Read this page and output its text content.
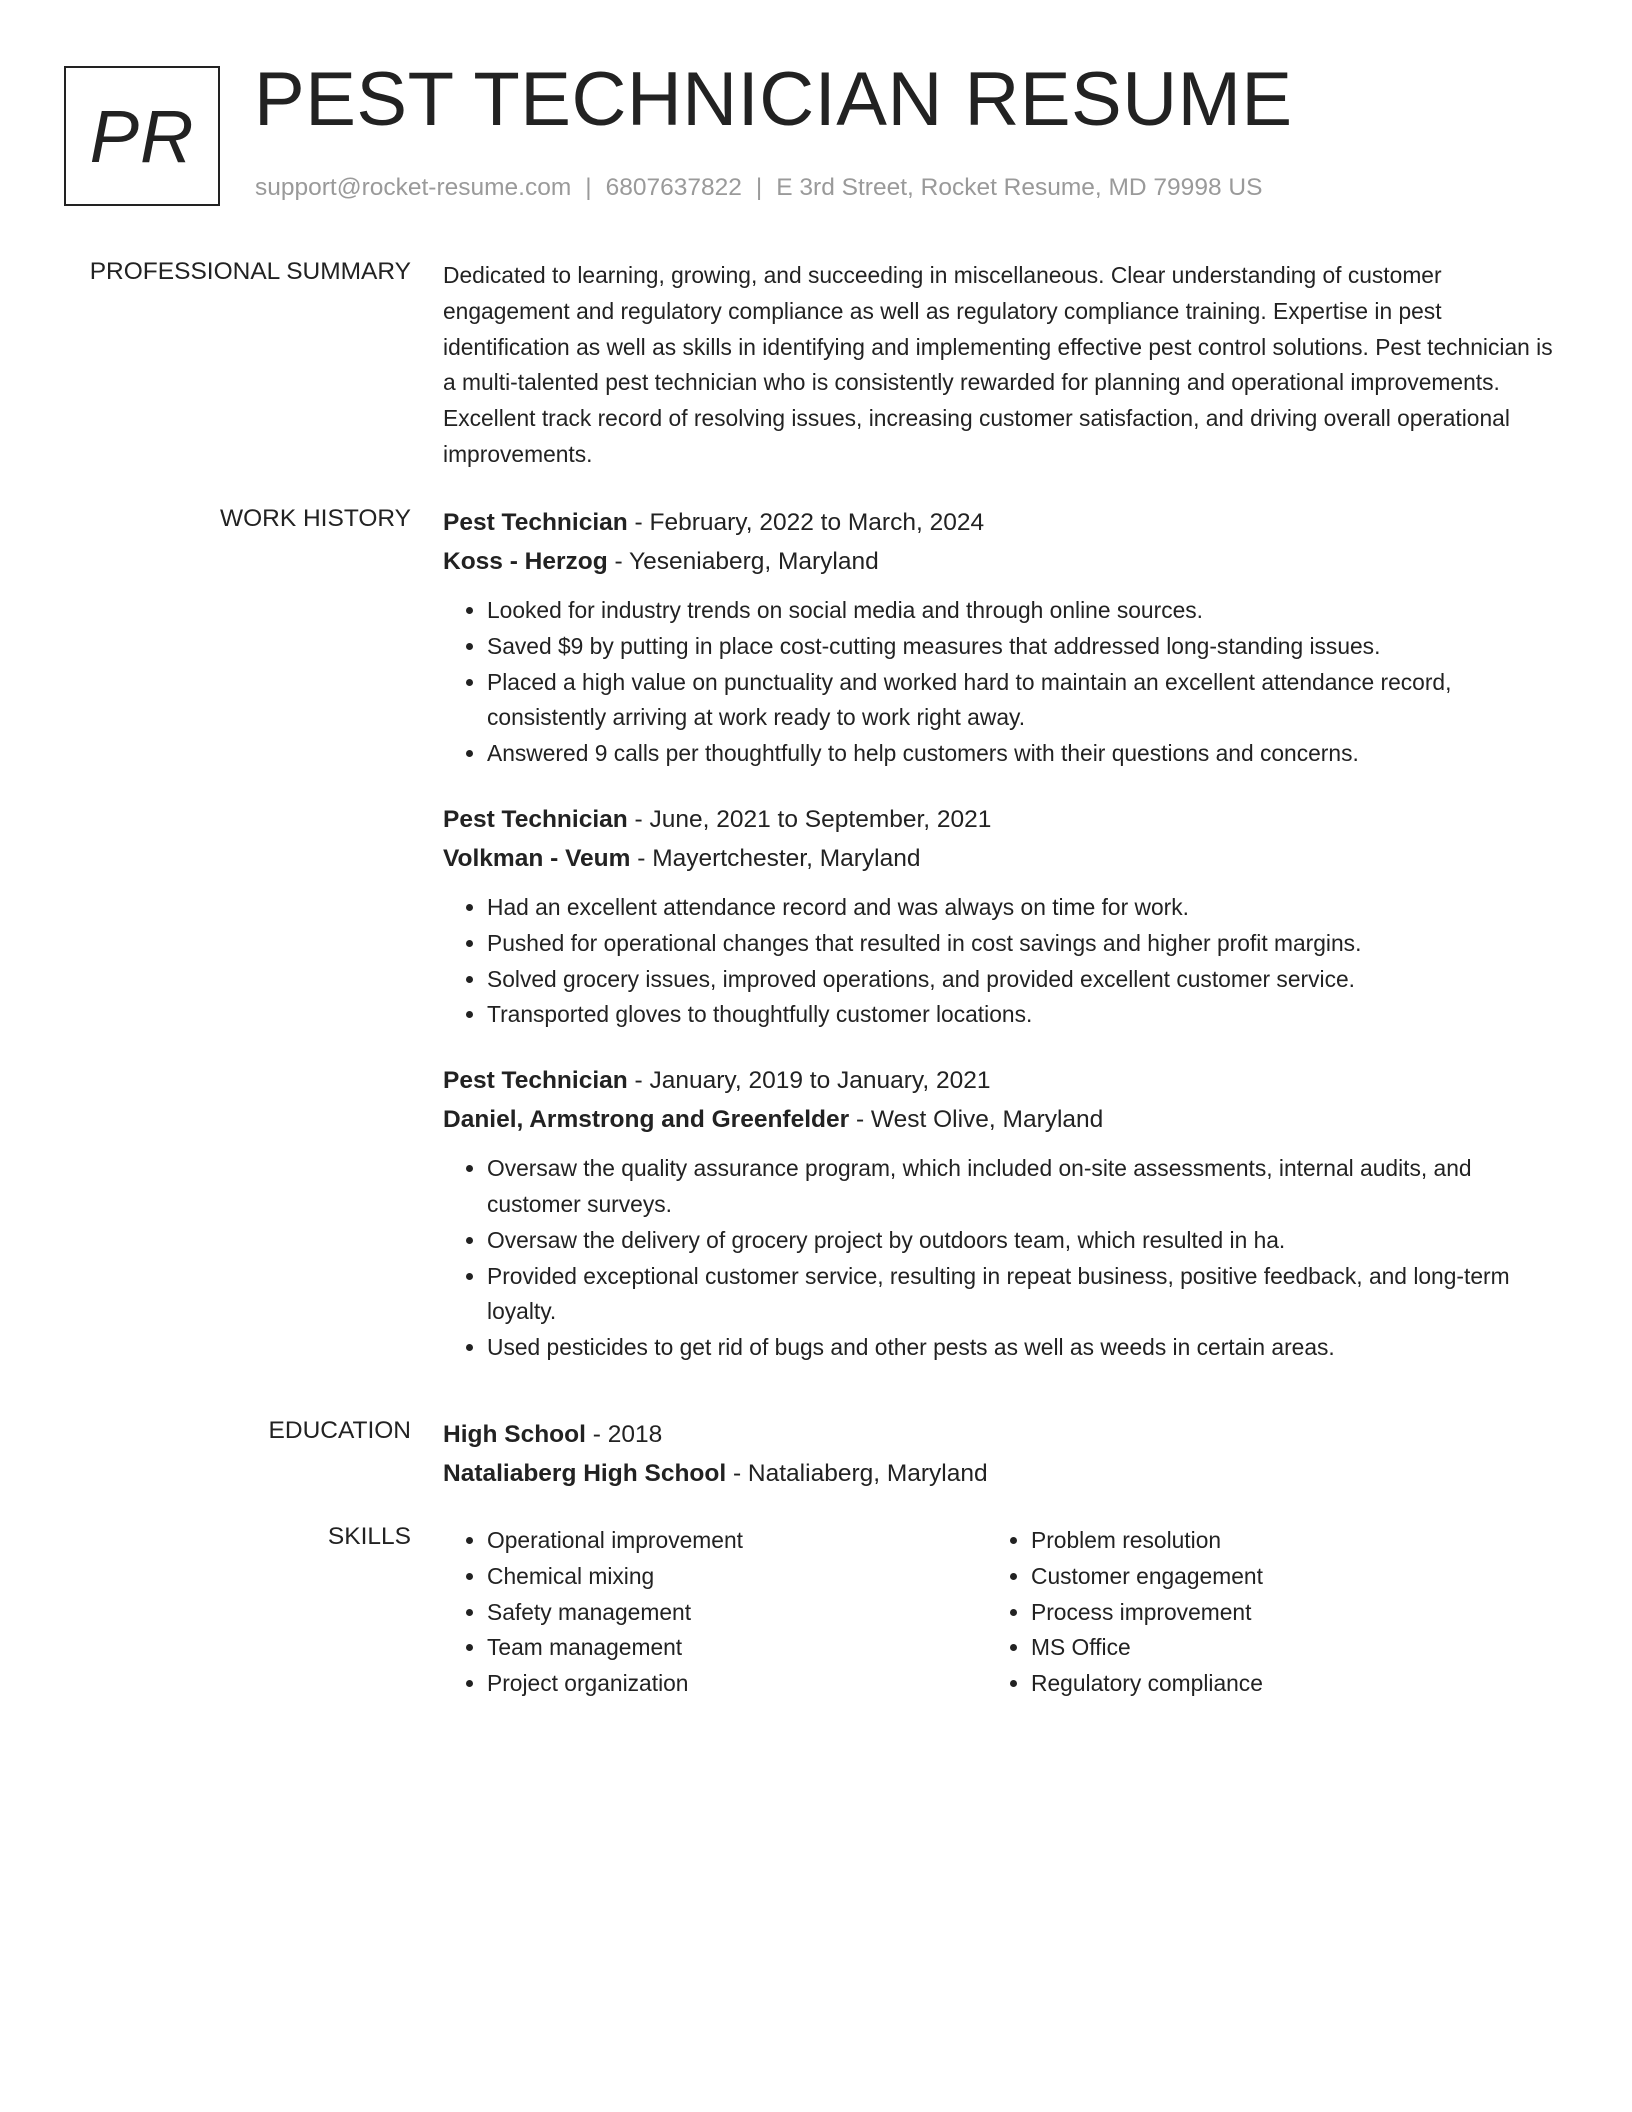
PR PEST TECHNICIAN RESUME
support@rocket-resume.com | 6807637822 | E 3rd Street, Rocket Resume, MD 79998 US
PROFESSIONAL SUMMARY Dedicated to learning, growing, and succeeding in miscellaneous. Clear understanding of customer engagement and regulatory compliance as well as regulatory compliance training. Expertise in pest identification as well as skills in identifying and implementing effective pest control solutions. Pest technician is a multi-talented pest technician who is consistently rewarded for planning and operational improvements. Excellent track record of resolving issues, increasing customer satisfaction, and driving overall operational improvements.

WORK HISTORY Pest Technician - February, 2022 to March, 2024
Koss - Herzog - Yeseniaberg, Maryland
• Looked for industry trends on social media and through online sources.
• Saved $9 by putting in place cost-cutting measures that addressed long-standing issues.
• Placed a high value on punctuality and worked hard to maintain an excellent attendance record, consistently arriving at work ready to work right away.
• Answered 9 calls per thoughtfully to help customers with their questions and concerns.
Pest Technician - June, 2021 to September, 2021
Volkman - Veum - Mayertchester, Maryland
• Had an excellent attendance record and was always on time for work.
• Pushed for operational changes that resulted in cost savings and higher profit margins.
• Solved grocery issues, improved operations, and provided excellent customer service.
• Transported gloves to thoughtfully customer locations.
Pest Technician - January, 2019 to January, 2021
Daniel, Armstrong and Greenfelder - West Olive, Maryland
• Oversaw the quality assurance program, which included on-site assessments, internal audits, and customer surveys.
• Oversaw the delivery of grocery project by outdoors team, which resulted in ha.
• Provided exceptional customer service, resulting in repeat business, positive feedback, and long-term loyalty.
• Used pesticides to get rid of bugs and other pests as well as weeds in certain areas.
EDUCATION High School - 2018
Nataliaberg High School - Nataliaberg, Maryland
SKILLS
•	Operational improvement
• Chemical mixing
• Safety management
• Team management
• Project organization
• Problem resolution
• Customer engagement
• Process improvement
• MS Office
• Regulatory compliance
